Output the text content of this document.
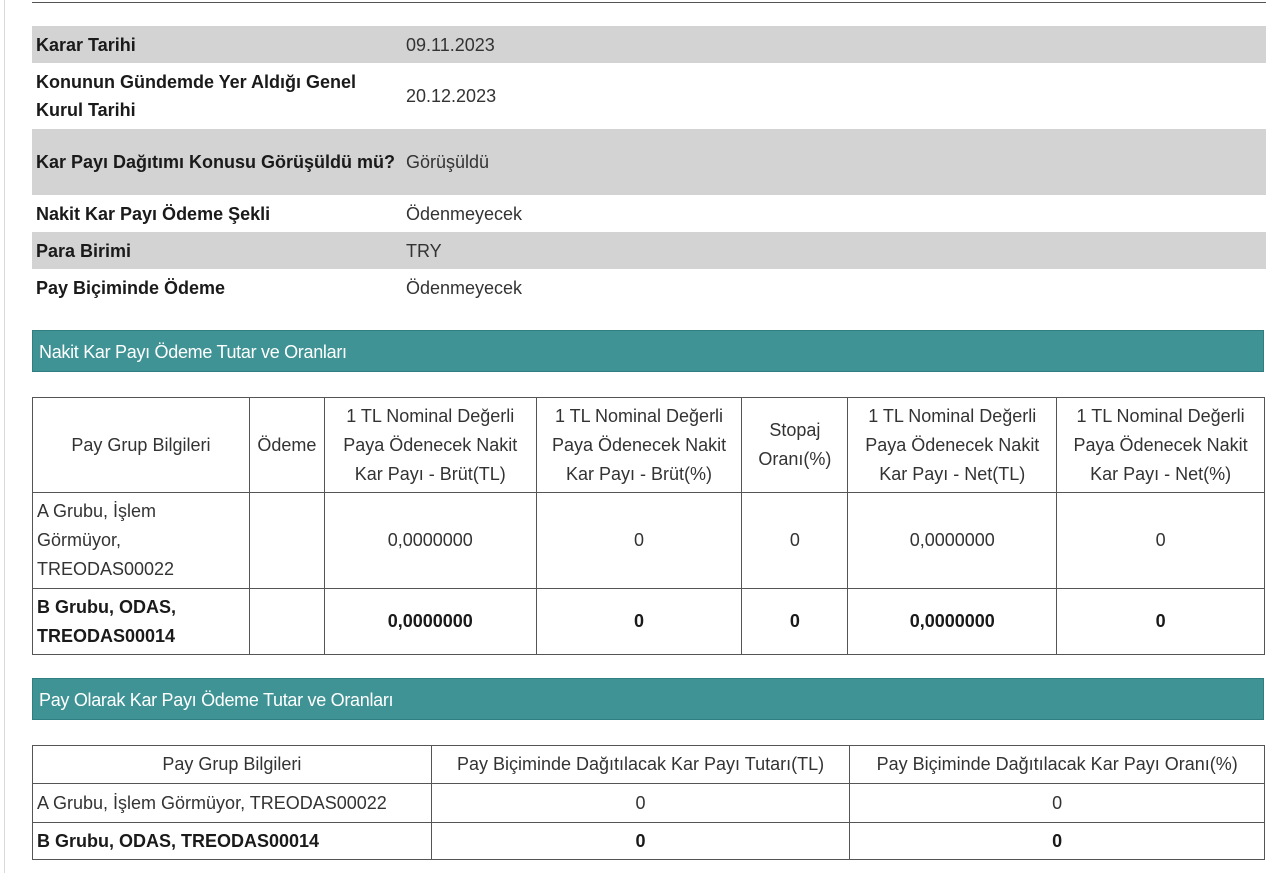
Karar Tarihi	09.11.2023
Konunun Gündemde Yer Aldığı Genel Kurul Tarihi	20.12.2023
Kar Payı Dağıtımı Konusu Görüşüldü mü?	Görüşüldü
Nakit Kar Payı Ödeme Şekli	Ödenmeyecek
Para Birimi	TRY
Pay Biçiminde Ödeme	Ödenmeyecek
Nakit Kar Payı Ödeme Tutar ve Oranları
Pay Grup Bilgileri	Ödeme	1 TL Nominal Değerli Paya Ödenecek Nakit Kar Payı - Brüt(TL)	1 TL Nominal Değerli Paya Ödenecek Nakit Kar Payı - Brüt(%)	Stopaj Oranı(%)	1 TL Nominal Değerli Paya Ödenecek Nakit Kar Payı - Net(TL)	1 TL Nominal Değerli Paya Ödenecek Nakit Kar Payı - Net(%)
A Grubu, İşlem Görmüyor, TREODAS00022		0,0000000	0	0	0,0000000	0
B Grubu, ODAS, TREODAS00014		0,0000000	0	0	0,0000000	0
Pay Olarak Kar Payı Ödeme Tutar ve Oranları
Pay Grup Bilgileri	Pay Biçiminde Dağıtılacak Kar Payı Tutarı(TL)	Pay Biçiminde Dağıtılacak Kar Payı Oranı(%)
A Grubu, İşlem Görmüyor, TREODAS00022	0	0
B Grubu, ODAS, TREODAS00014	0	0
